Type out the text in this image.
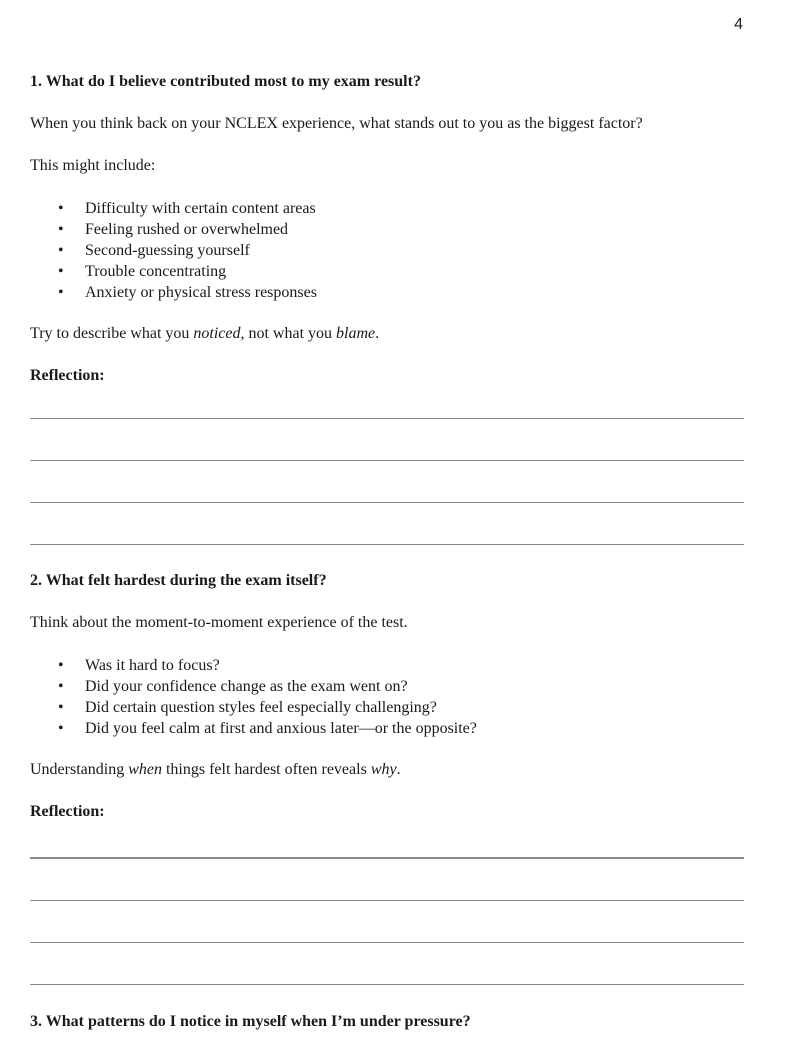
4
1. What do I believe contributed most to my exam result?

When you think back on your NCLEX experience, what stands out to you as the biggest factor?

This might include:

• Difficulty with certain content areas
• Feeling rushed or overwhelmed
• Second-guessing yourself
• Trouble concentrating
• Anxiety or physical stress responses

Try to describe what you noticed, not what you blame.

Reflection:

2. What felt hardest during the exam itself?

Think about the moment-to-moment experience of the test.

• Was it hard to focus?
• Did your confidence change as the exam went on?
• Did certain question styles feel especially challenging?
• Did you feel calm at first and anxious later—or the opposite?

Understanding when things felt hardest often reveals why.

Reflection:

3. What patterns do I notice in myself when I’m under pressure?
